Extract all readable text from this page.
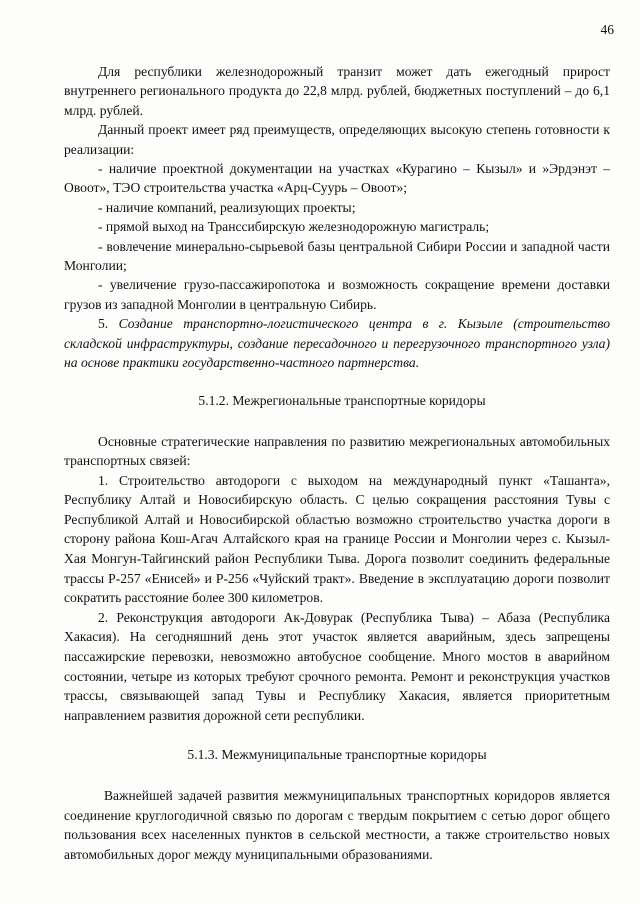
46

Для республики железнодорожный транзит может дать ежегодный прирост внутреннего регионального продукта до 22,8 млрд. рублей, бюджетных поступлений – до 6,1 млрд. рублей.

Данный проект имеет ряд преимуществ, определяющих высокую степень готовности к реализации:

- наличие проектной документации на участках «Курагино – Кызыл» и »Эрдэнэт – Овоот», ТЭО строительства участка «Арц-Суурь – Овоот»;

- наличие компаний, реализующих проекты;

- прямой выход на Транссибирскую железнодорожную магистраль;

- вовлечение минерально-сырьевой базы центральной Сибири России и западной части Монголии;

- увеличение грузо-пассажиропотока и возможность сокращение времени доставки грузов из западной Монголии в центральную Сибирь.

5. Создание транспортно-логистического центра в г. Кызыле (строительство складской инфраструктуры, создание пересадочного и перегрузочного транспортного узла) на основе практики государственно-частного партнерства.

5.1.2. Межрегиональные транспортные коридоры

Основные стратегические направления по развитию межрегиональных автомобильных транспортных связей:

1. Строительство автодороги с выходом на международный пункт «Ташанта», Республику Алтай и Новосибирскую область. С целью сокращения расстояния Тувы с Республикой Алтай и Новосибирской областью возможно строительство участка дороги в сторону района Кош-Агач Алтайского края на границе России и Монголии через с. Кызыл-Хая Монгун-Тайгинский район Республики Тыва. Дорога позволит соединить федеральные трассы Р-257 «Енисей» и Р-256 «Чуйский тракт». Введение в эксплуатацию дороги позволит сократить расстояние более 300 километров.

2. Реконструкция автодороги Ак-Довурак (Республика Тыва) – Абаза (Республика Хакасия). На сегодняшний день этот участок является аварийным, здесь запрещены пассажирские перевозки, невозможно автобусное сообщение. Много мостов в аварийном состоянии, четыре из которых требуют срочного ремонта. Ремонт и реконструкция участков трассы, связывающей запад Тувы и Республику Хакасия, является приоритетным направлением развития дорожной сети республики.

5.1.3. Межмуниципальные транспортные коридоры

Важнейшей задачей развития межмуниципальных транспортных коридоров является соединение круглогодичной связью по дорогам с твердым покрытием с сетью дорог общего пользования всех населенных пунктов в сельской местности, а также строительство новых автомобильных дорог между муниципальными образованиями.
